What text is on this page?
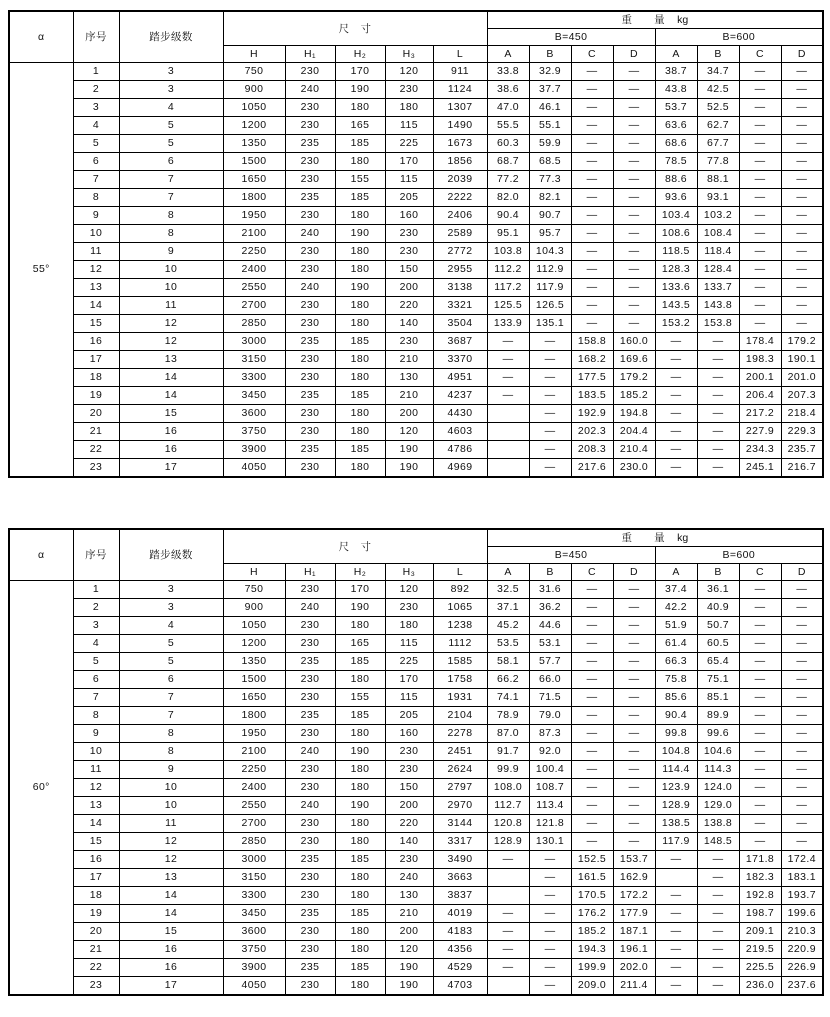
α	序号	踏步级数	尺　寸					重　　量 kg							
								B=450				B=600			
			H	H₁	H₂	H₃	L	A	B	C	D	A	B	C	D
55°	1	3	750	230	170	120	911	33.8	32.9	—	—	38.7	34.7	—	—
	2	3	900	240	190	230	1124	38.6	37.7	—	—	43.8	42.5	—	—
	3	4	1050	230	180	180	1307	47.0	46.1	—	—	53.7	52.5	—	—
	4	5	1200	230	165	115	1490	55.5	55.1	—	—	63.6	62.7	—	—
	5	5	1350	235	185	225	1673	60.3	59.9	—	—	68.6	67.7	—	—
	6	6	1500	230	180	170	1856	68.7	68.5	—	—	78.5	77.8	—	—
	7	7	1650	230	155	115	2039	77.2	77.3	—	—	88.6	88.1	—	—
	8	7	1800	235	185	205	2222	82.0	82.1	—	—	93.6	93.1	—	—
	9	8	1950	230	180	160	2406	90.4	90.7	—	—	103.4	103.2	—	—
	10	8	2100	240	190	230	2589	95.1	95.7	—	—	108.6	108.4	—	—
	11	9	2250	230	180	230	2772	103.8	104.3	—	—	118.5	118.4	—	—
	12	10	2400	230	180	150	2955	112.2	112.9	—	—	128.3	128.4	—	—
	13	10	2550	240	190	200	3138	117.2	117.9	—	—	133.6	133.7	—	—
	14	11	2700	230	180	220	3321	125.5	126.5	—	—	143.5	143.8	—	—
	15	12	2850	230	180	140	3504	133.9	135.1	—	—	153.2	153.8	—	—
	16	12	3000	235	185	230	3687	—	—	158.8	160.0	—	—	178.4	179.2
	17	13	3150	230	180	210	3370	—	—	168.2	169.6	—	—	198.3	190.1
	18	14	3300	230	180	130	4951	—	—	177.5	179.2	—	—	200.1	201.0
	19	14	3450	235	185	210	4237	—	—	183.5	185.2	—	—	206.4	207.3
	20	15	3600	230	180	200	4430		—	192.9	194.8	—	—	217.2	218.4
	21	16	3750	230	180	120	4603		—	202.3	204.4	—	—	227.9	229.3
	22	16	3900	235	185	190	4786		—	208.3	210.4	—	—	234.3	235.7
	23	17	4050	230	180	190	4969		—	217.6	230.0	—	—	245.1	216.7
α	序号	踏步级数	尺　寸					重　　量 kg							
								B=450				B=600			
			H	H₁	H₂	H₃	L	A	B	C	D	A	B	C	D
60°	1	3	750	230	170	120	892	32.5	31.6	—	—	37.4	36.1	—	—
	2	3	900	240	190	230	1065	37.1	36.2	—	—	42.2	40.9	—	—
	3	4	1050	230	180	180	1238	45.2	44.6	—	—	51.9	50.7	—	—
	4	5	1200	230	165	115	1112	53.5	53.1	—	—	61.4	60.5	—	—
	5	5	1350	235	185	225	1585	58.1	57.7	—	—	66.3	65.4	—	—
	6	6	1500	230	180	170	1758	66.2	66.0	—	—	75.8	75.1	—	—
	7	7	1650	230	155	115	1931	74.1	71.5	—	—	85.6	85.1	—	—
	8	7	1800	235	185	205	2104	78.9	79.0	—	—	90.4	89.9	—	—
	9	8	1950	230	180	160	2278	87.0	87.3	—	—	99.8	99.6	—	—
	10	8	2100	240	190	230	2451	91.7	92.0	—	—	104.8	104.6	—	—
	11	9	2250	230	180	230	2624	99.9	100.4	—	—	114.4	114.3	—	—
	12	10	2400	230	180	150	2797	108.0	108.7	—	—	123.9	124.0	—	—
	13	10	2550	240	190	200	2970	112.7	113.4	—	—	128.9	129.0	—	—
	14	11	2700	230	180	220	3144	120.8	121.8	—	—	138.5	138.8	—	—
	15	12	2850	230	180	140	3317	128.9	130.1	—	—	117.9	148.5	—	—
	16	12	3000	235	185	230	3490	—	—	152.5	153.7	—	—	171.8	172.4
	17	13	3150	230	180	240	3663		—	161.5	162.9		—	182.3	183.1
	18	14	3300	230	180	130	3837		—	170.5	172.2	—	—	192.8	193.7
	19	14	3450	235	185	210	4019	—	—	176.2	177.9	—	—	198.7	199.6
	20	15	3600	230	180	200	4183	—	—	185.2	187.1	—	—	209.1	210.3
	21	16	3750	230	180	120	4356	—	—	194.3	196.1	—	—	219.5	220.9
	22	16	3900	235	185	190	4529	—	—	199.9	202.0	—	—	225.5	226.9
	23	17	4050	230	180	190	4703		—	209.0	211.4	—	—	236.0	237.6
